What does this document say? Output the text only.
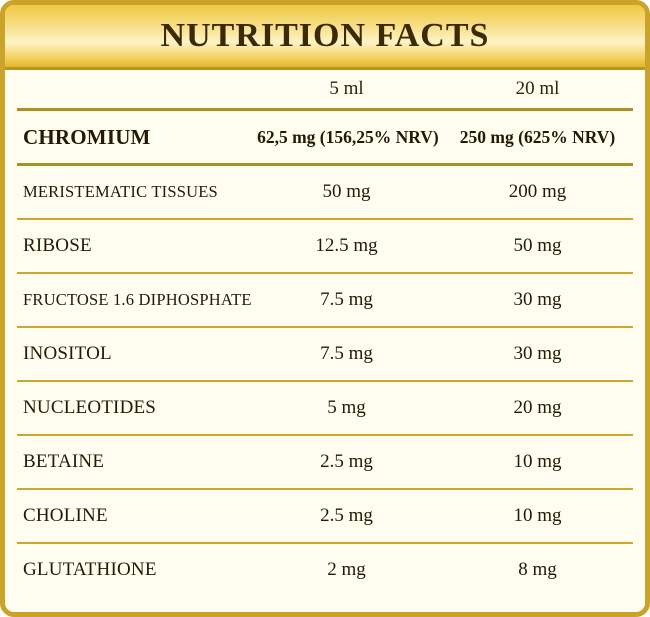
NUTRITION FACTS
	5 ml	20 ml
CHROMIUM	62,5 mg (156,25% NRV)	250 mg (625% NRV)
MERISTEMATIC TISSUES	50 mg	200 mg
RIBOSE	12.5 mg	50 mg
FRUCTOSE 1.6 DIPHOSPHATE	7.5 mg	30 mg
INOSITOL	7.5 mg	30 mg
NUCLEOTIDES	5 mg	20 mg
BETAINE	2.5 mg	10 mg
CHOLINE	2.5 mg	10 mg
GLUTATHIONE	2 mg	8 mg
